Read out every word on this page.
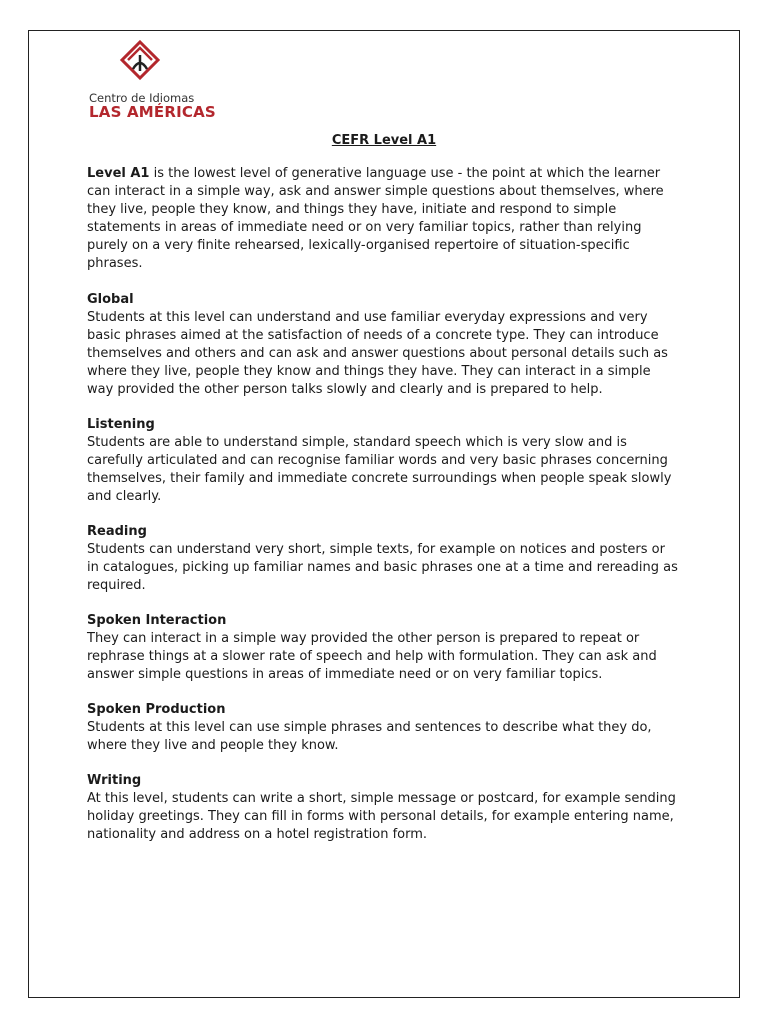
Centro de Idiomas
LAS AMÉRICAS
CEFR Level A1

Level A1 is the lowest level of generative language use - the point at which the learner can interact in a simple way, ask and answer simple questions about themselves, where they live, people they know, and things they have, initiate and respond to simple statements in areas of immediate need or on very familiar topics, rather than relying purely on a very finite rehearsed, lexically-organised repertoire of situation-specific phrases.

Global

Students at this level can understand and use familiar everyday expressions and very basic phrases aimed at the satisfaction of needs of a concrete type. They can introduce themselves and others and can ask and answer questions about personal details such as where they live, people they know and things they have. They can interact in a simple way provided the other person talks slowly and clearly and is prepared to help.

Listening

Students are able to understand simple, standard speech which is very slow and is carefully articulated and can recognise familiar words and very basic phrases concerning themselves, their family and immediate concrete surroundings when people speak slowly and clearly.

Reading

Students can understand very short, simple texts, for example on notices and posters or in catalogues, picking up familiar names and basic phrases one at a time and rereading as required.

Spoken Interaction

They can interact in a simple way provided the other person is prepared to repeat or rephrase things at a slower rate of speech and help with formulation. They can ask and answer simple questions in areas of immediate need or on very familiar topics.

Spoken Production

Students at this level can use simple phrases and sentences to describe what they do, where they live and people they know.

Writing

At this level, students can write a short, simple message or postcard, for example sending holiday greetings. They can fill in forms with personal details, for example entering name, nationality and address on a hotel registration form.
